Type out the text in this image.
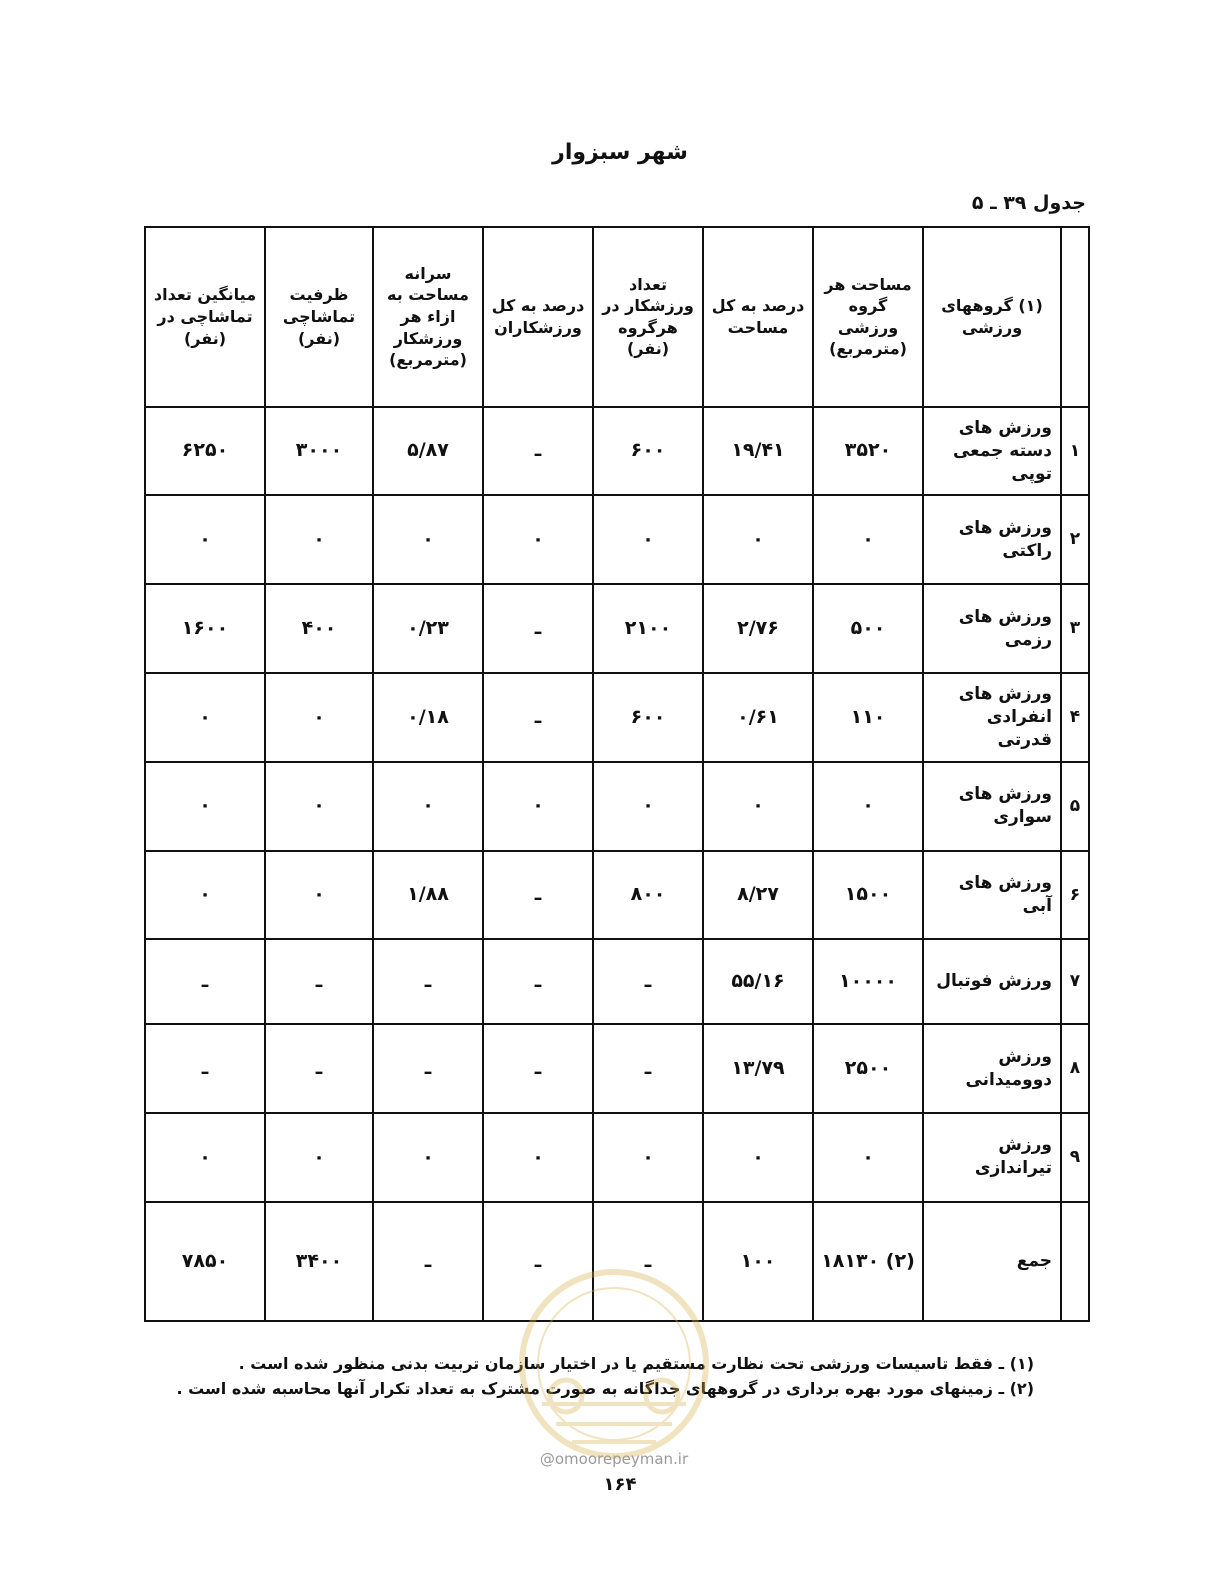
شهر سبزوار
جدول ۳۹ ـ ۵
	(۱) گروههای ورزشی	مساحت هر گروه ورزشی (مترمربع)	درصد به کل مساحت	تعداد ورزشکار در هرگروه (نفر)	درصد به کل ورزشکاران	سرانه مساحت به ازاء هر ورزشکار (مترمربع)	ظرفیت تماشاچی (نفر)	میانگین تعداد تماشاچی در (نفر)
۱	ورزش های دسته جمعی توپی	۳۵۲۰	۱۹/۴۱	۶۰۰	ـ	۵/۸۷	۳۰۰۰	۶۲۵۰
۲	ورزش های راکتی	۰	۰	۰	۰	۰	۰	۰
۳	ورزش های رزمی	۵۰۰	۲/۷۶	۲۱۰۰	ـ	۰/۲۳	۴۰۰	۱۶۰۰
۴	ورزش های انفرادی قدرتی	۱۱۰	۰/۶۱	۶۰۰	ـ	۰/۱۸	۰	۰
۵	ورزش های سواری	۰	۰	۰	۰	۰	۰	۰
۶	ورزش های آبی	۱۵۰۰	۸/۲۷	۸۰۰	ـ	۱/۸۸	۰	۰
۷	ورزش فوتبال	۱۰۰۰۰	۵۵/۱۶	ـ	ـ	ـ	ـ	ـ
۸	ورزش دوومیدانی	۲۵۰۰	۱۳/۷۹	ـ	ـ	ـ	ـ	ـ
۹	ورزش تیراندازی	۰	۰	۰	۰	۰	۰	۰
	جمع	(۲) ۱۸۱۳۰	۱۰۰	ـ	ـ	ـ	۳۴۰۰	۷۸۵۰
(۱) ـ فقط تاسیسات ورزشی تحت نظارت مستقیم یا در اختیار سازمان تربیت بدنی منظور شده است .
(۲) ـ زمینهای مورد بهره برداری در گروههای جداگانه به صورت مشترک به تعداد تکرار آنها محاسبه شده است .
@omoorepeyman.ir
۱۶۴
